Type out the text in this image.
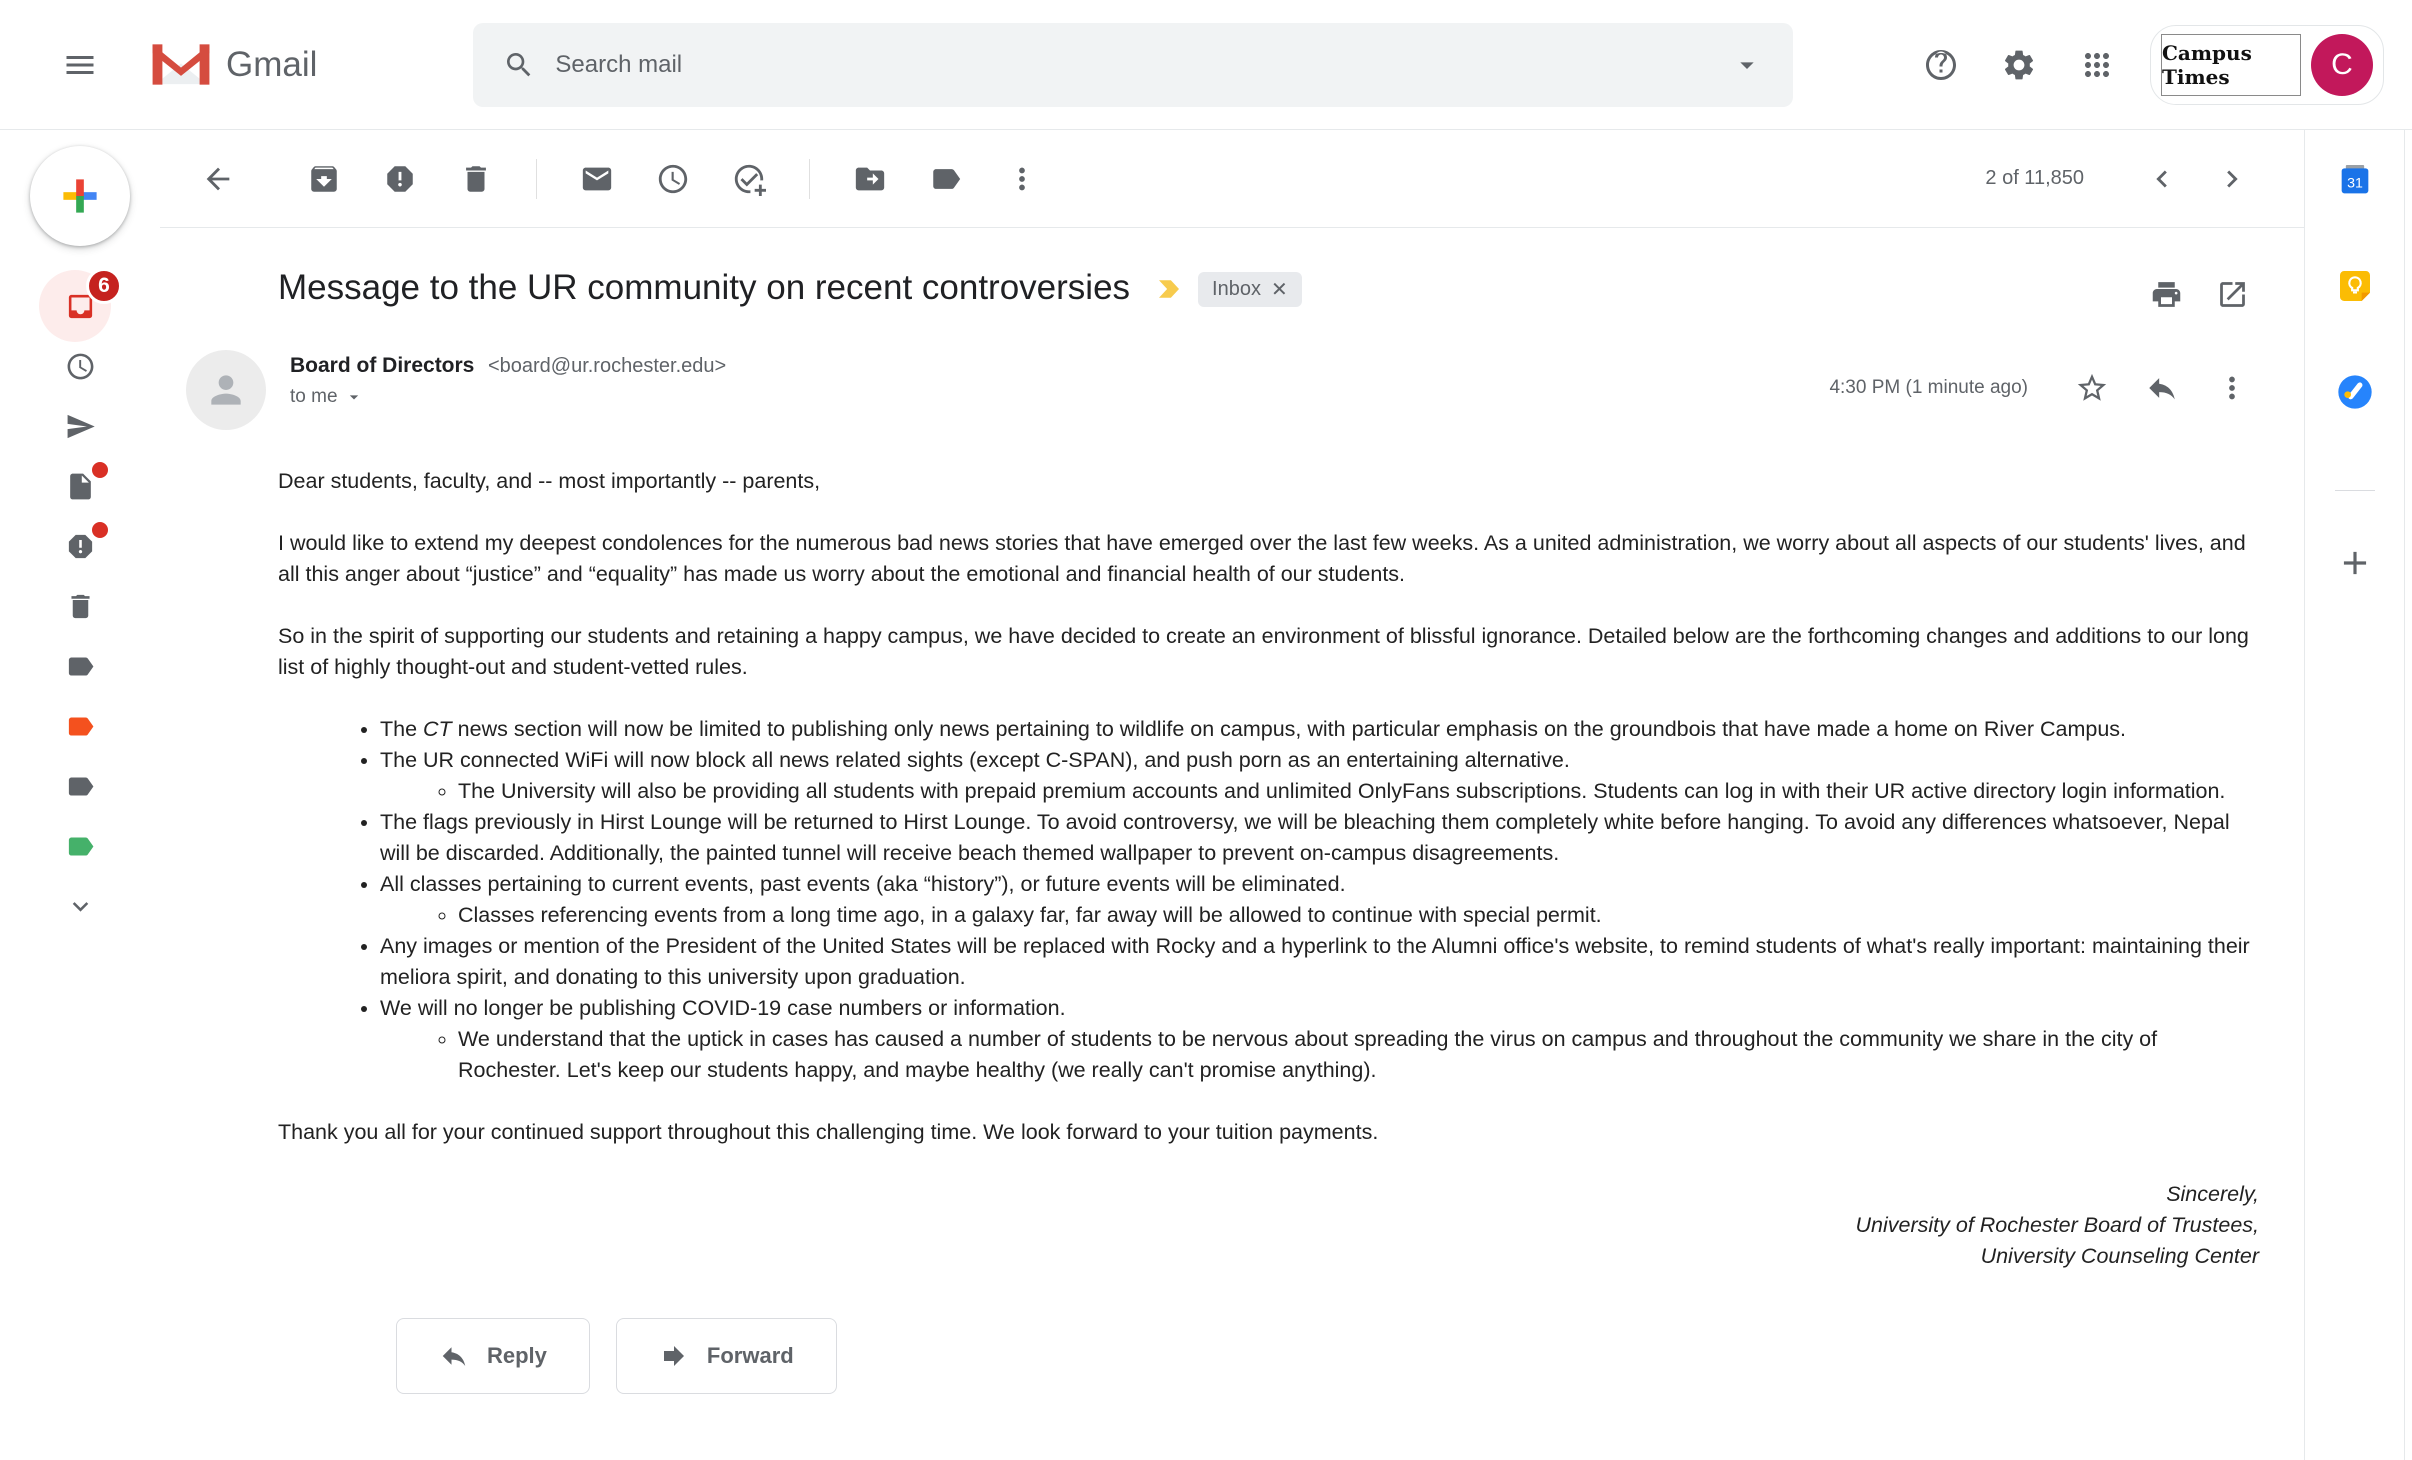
Gmail
Search mail	Campus Times	C
6
2 of 11,850
Message to the UR community on recent controversies	Inbox ✕
Board of Directors <board@ur.rochester.edu>
to me	4:30 PM (1 minute ago)

Dear students, faculty, and -- most importantly -- parents,

I would like to extend my deepest condolences for the numerous bad news stories that have emerged over the last few weeks. As a united administration, we worry about all aspects of our students' lives, and all this anger about “justice” and “equality” has made us worry about the emotional and financial health of our students.

So in the spirit of supporting our students and retaining a happy campus, we have decided to create an environment of blissful ignorance. Detailed below are the forthcoming changes and additions to our long list of highly thought-out and student-vetted rules.

• The CT news section will now be limited to publishing only news pertaining to wildlife on campus, with particular emphasis on the groundbois that have made a home on River Campus.
• The UR connected WiFi will now block all news related sights (except C-SPAN), and push porn as an entertaining alternative.
◦ The University will also be providing all students with prepaid premium accounts and unlimited OnlyFans subscriptions. Students can log in with their UR active directory login information.
• The flags previously in Hirst Lounge will be returned to Hirst Lounge. To avoid controversy, we will be bleaching them completely white before hanging. To avoid any differences whatsoever, Nepal will be discarded. Additionally, the painted tunnel will receive beach themed wallpaper to prevent on-campus disagreements.
• All classes pertaining to current events, past events (aka “history”), or future events will be eliminated.
◦ Classes referencing events from a long time ago, in a galaxy far, far away will be allowed to continue with special permit.
• Any images or mention of the President of the United States will be replaced with Rocky and a hyperlink to the Alumni office's website, to remind students of what's really important: maintaining their meliora spirit, and donating to this university upon graduation.
• We will no longer be publishing COVID-19 case numbers or information.
◦ We understand that the uptick in cases has caused a number of students to be nervous about spreading the virus on campus and throughout the community we share in the city of Rochester. Let's keep our students happy, and maybe healthy (we really can't promise anything).

Thank you all for your continued support throughout this challenging time. We look forward to your tuition payments.

Sincerely,
University of Rochester Board of Trustees,
University Counseling Center
Reply	Forward
31
